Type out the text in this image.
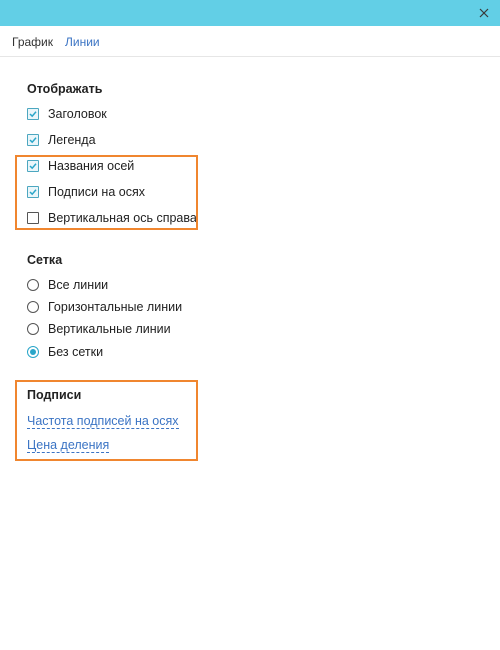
График Линии
Отображать
Заголовок
Легенда
Названия осей
Подписи на осях
Вертикальная ось справа
Сетка
Все линии
Горизонтальные линии
Вертикальные линии
Без сетки
Подписи
Частота подписей на осях
Цена деления
